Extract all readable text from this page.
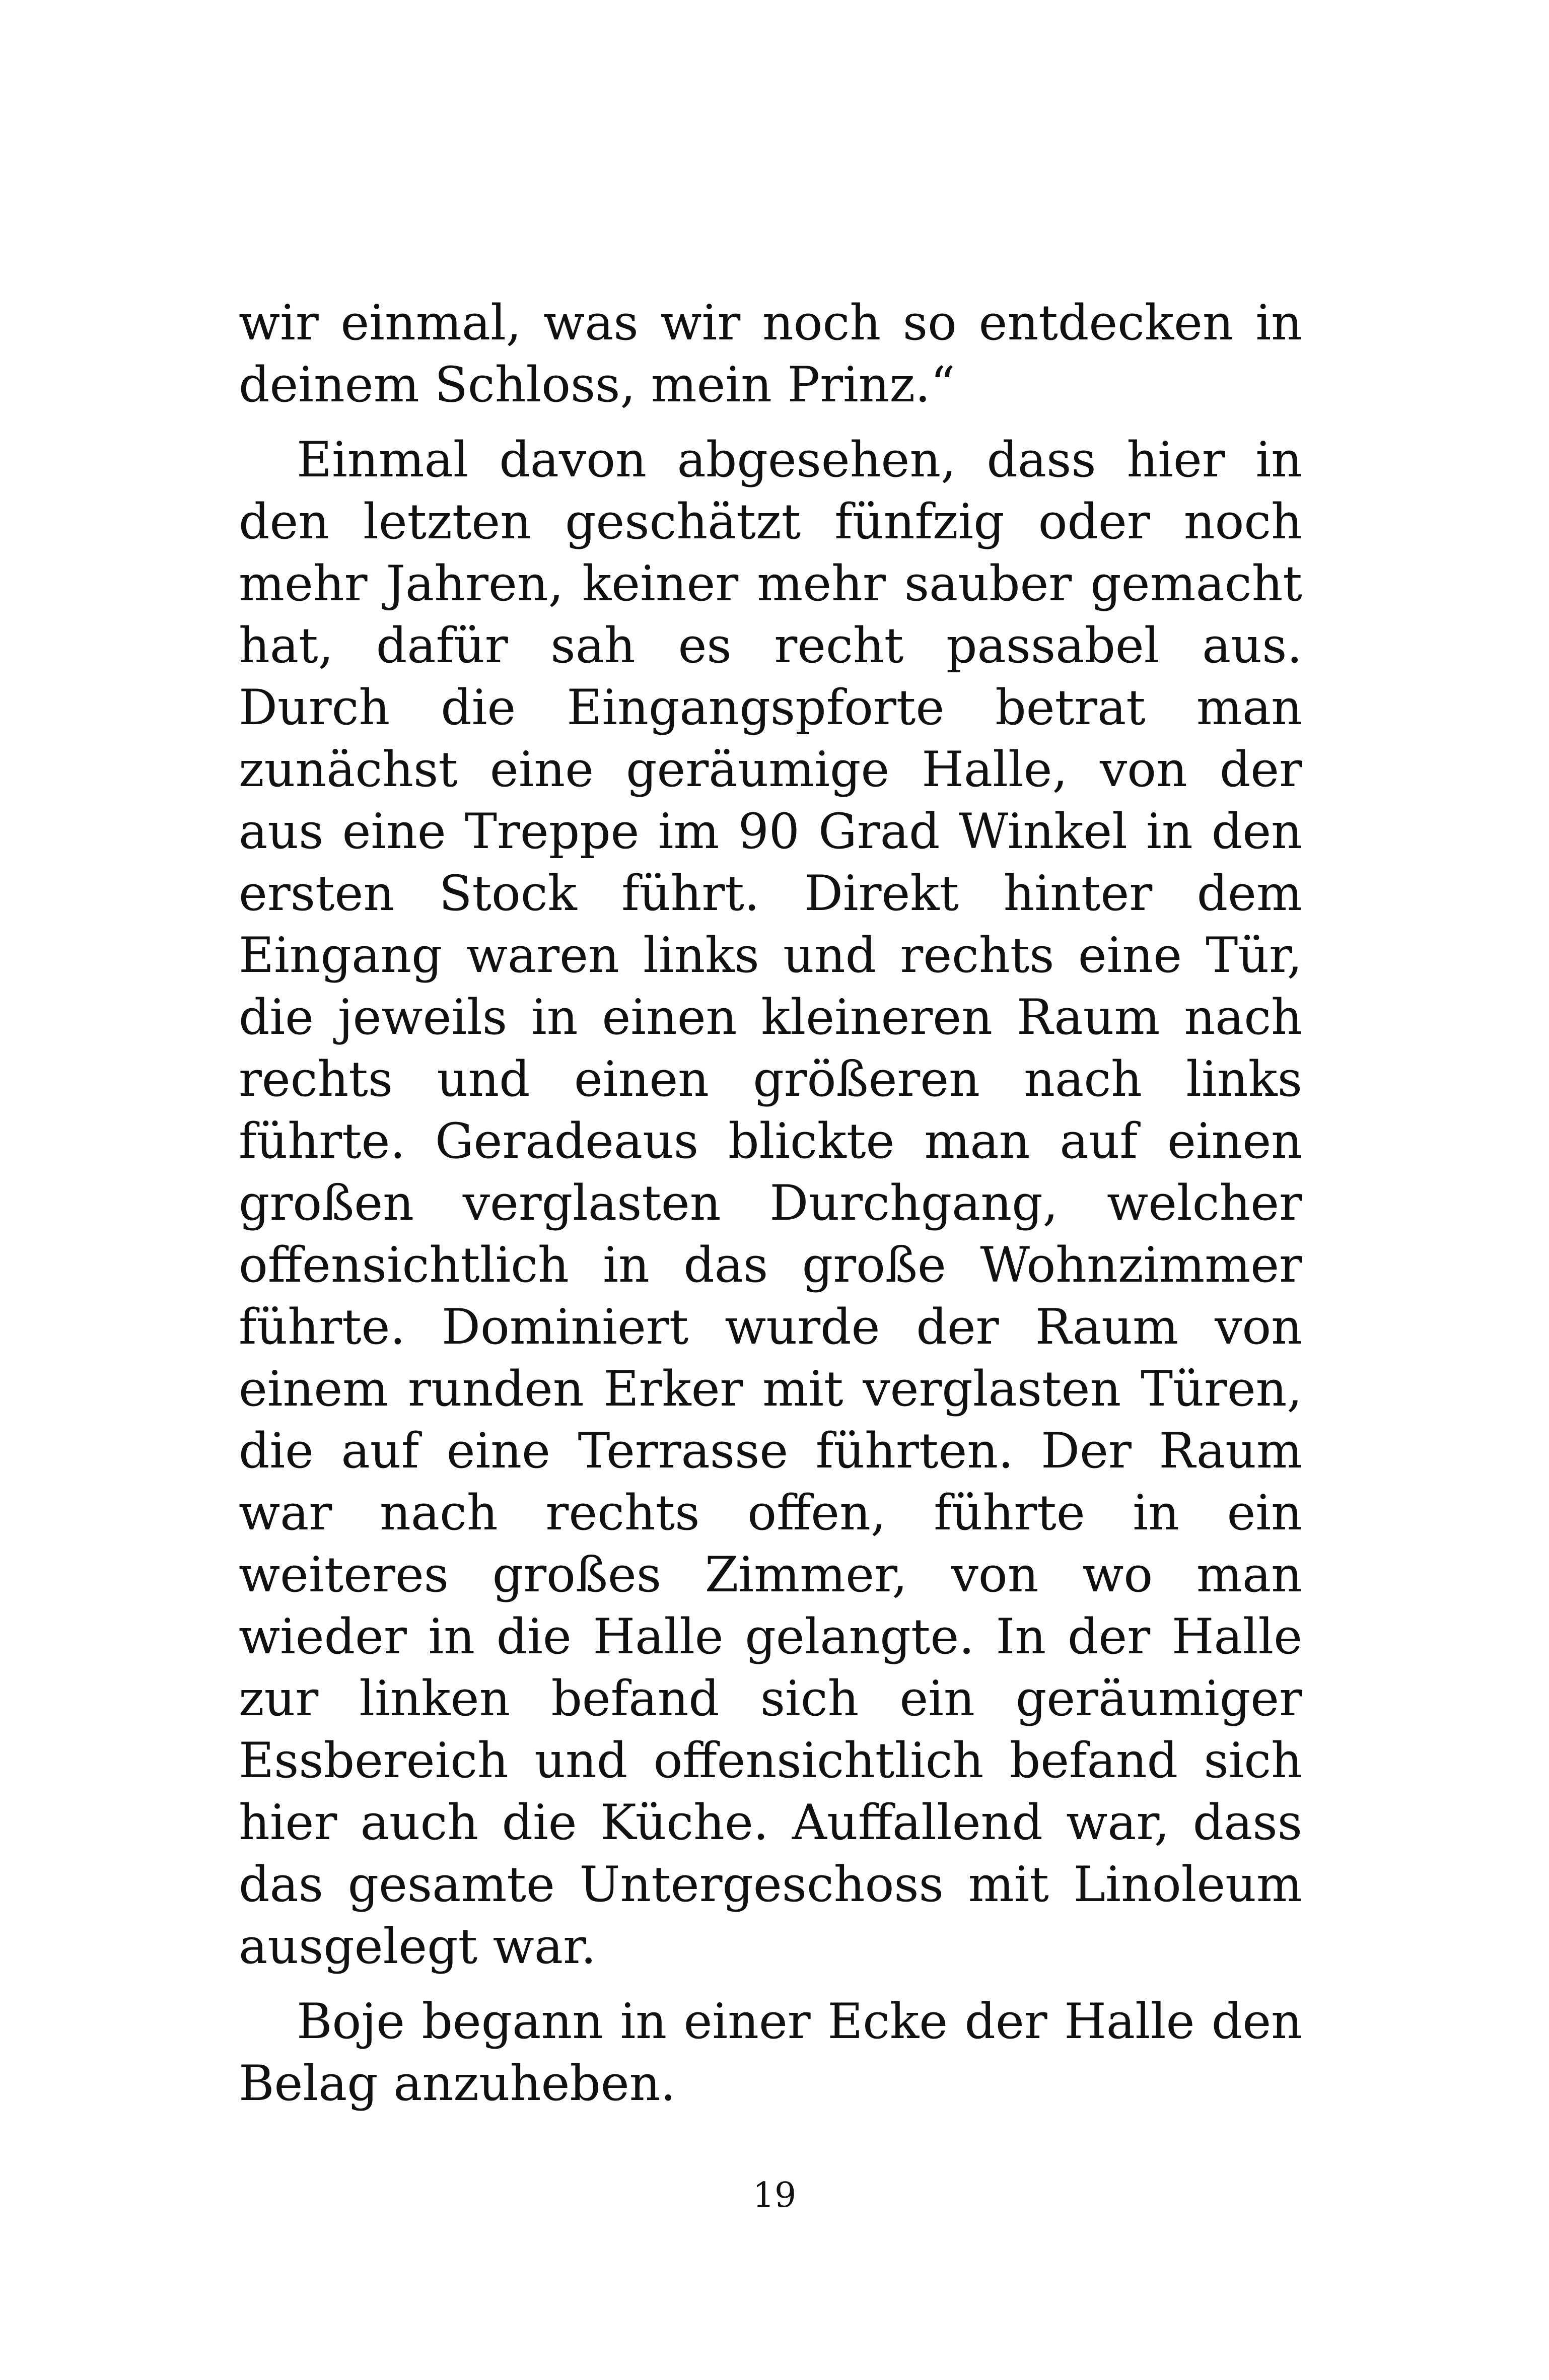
wir einmal, was wir noch so entdecken in deinem Schloss, mein Prinz.“

Einmal davon abgesehen, dass hier in den letzten geschätzt fünfzig oder noch mehr Jahren, keiner mehr sauber gemacht hat, dafür sah es recht passabel aus. Durch die Eingangspforte betrat man zunächst eine geräumige Halle, von der aus eine Treppe im 90 Grad Winkel in den ersten Stock führt. Direkt hinter dem Eingang waren links und rechts eine Tür, die jeweils in einen kleineren Raum nach rechts und einen größeren nach links führte. Geradeaus blickte man auf einen großen verglasten Durchgang, welcher offensichtlich in das große Wohnzimmer führte. Dominiert wurde der Raum von einem runden Erker mit verglasten Türen, die auf eine Terrasse führten. Der Raum war nach rechts offen, führte in ein weiteres großes Zimmer, von wo man wieder in die Halle gelangte. In der Halle zur linken befand sich ein geräumiger Essbereich und offensichtlich befand sich hier auch die Küche. Auffallend war, dass das gesamte Untergeschoss mit Linoleum ausgelegt war.

Boje begann in einer Ecke der Halle den Belag anzuheben.

19
